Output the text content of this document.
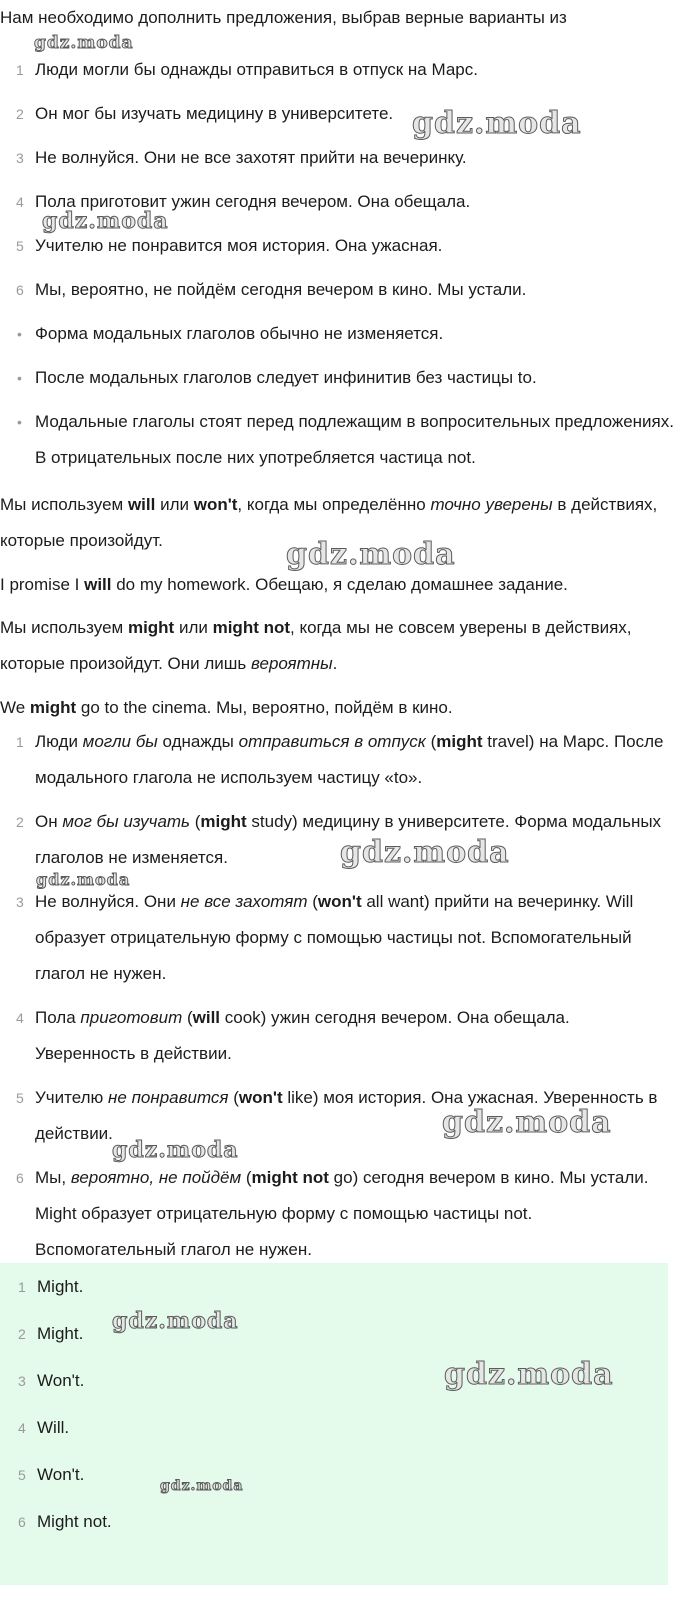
Нам необходимо дополнить предложения, выбрав верные варианты из
1 Люди могли бы однажды отправиться в отпуск на Марс.
2 Он мог бы изучать медицину в университете.
3 Не волнуйся. Они не все захотят прийти на вечеринку.
4 Пола приготовит ужин сегодня вечером. Она обещала.
5 Учителю не понравится моя история. Она ужасная.
6 Мы, вероятно, не пойдём сегодня вечером в кино. Мы устали.
• Форма модальных глаголов обычно не изменяется.
• После модальных глаголов следует инфинитив без частицы to.
• Модальные глаголы стоят перед подлежащим в вопросительных предложениях. В отрицательных после них употребляется частица not.
Мы используем will или won't, когда мы определённо точно уверены в действиях, которые произойдут.
I promise I will do my homework. Обещаю, я сделаю домашнее задание.
Мы используем might или might not, когда мы не совсем уверены в действиях, которые произойдут. Они лишь вероятны.
We might go to the cinema. Мы, вероятно, пойдём в кино.
1 Люди могли бы однажды отправиться в отпуск (might travel) на Марс. После модального глагола не используем частицу «to».
2 Он мог бы изучать (might study) медицину в университете. Форма модальных глаголов не изменяется.
3 Не волнуйся. Они не все захотят (won't all want) прийти на вечеринку. Will образует отрицательную форму с помощью частицы not. Вспомогательный глагол не нужен.
4 Пола приготовит (will cook) ужин сегодня вечером. Она обещала. Уверенность в действии.
5 Учителю не понравится (won't like) моя история. Она ужасная. Уверенность в действии.
6 Мы, вероятно, не пойдём (might not go) сегодня вечером в кино. Мы устали. Might образует отрицательную форму с помощью частицы not. Вспомогательный глагол не нужен.
1 Might.
2 Might.
3 Won't.
4 Will.
5 Won't.
6 Might not.
gdz.moda
gdz.moda
gdz.moda
gdz.moda
gdz.moda
gdz.moda
gdz.moda
gdz.moda
gdz.moda
gdz.moda
gdz.moda
